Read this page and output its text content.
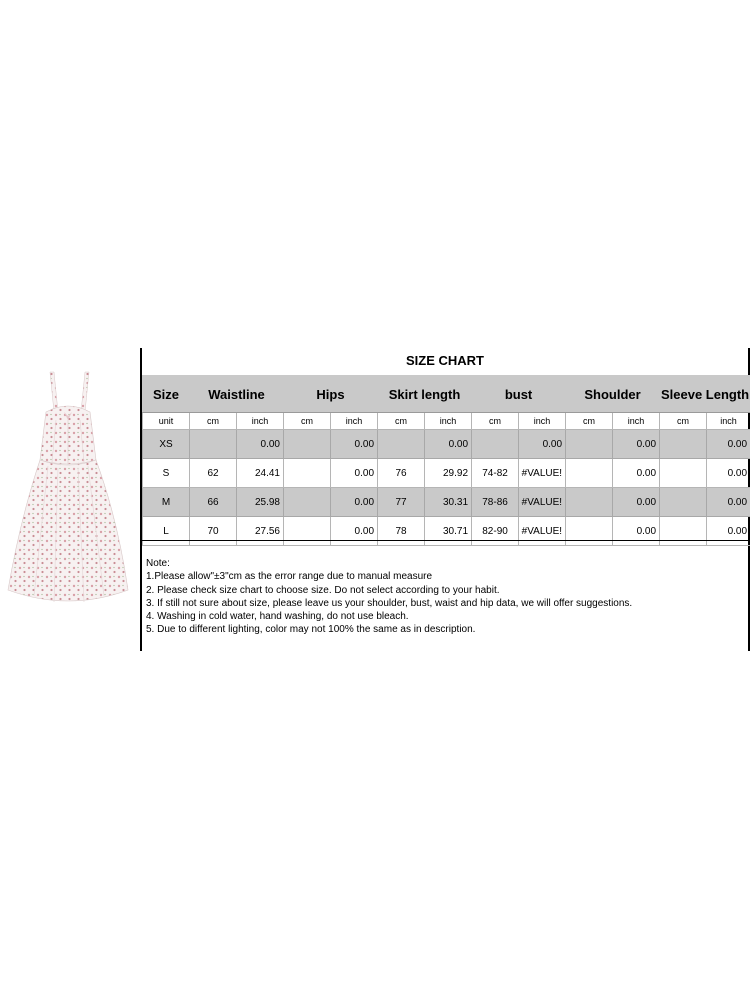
SIZE CHART
Size	Waistline		Hips		Skirt length		bust		Shoulder		Sleeve Length	
unit	cm	inch	cm	inch	cm	inch	cm	inch	cm	inch	cm	inch
XS		0.00		0.00		0.00		0.00		0.00		0.00
S	62	24.41		0.00	76	29.92	74-82	#VALUE!		0.00		0.00
M	66	25.98		0.00	77	30.31	78-86	#VALUE!		0.00		0.00
L	70	27.56		0.00	78	30.71	82-90	#VALUE!		0.00		0.00
Note:
1.Please allow"±3"cm as the error range due to manual measure
2. Please check size chart to choose size. Do not select according to your habit.
3. If still not sure about size, please leave us your shoulder, bust, waist and hip data, we will offer suggestions.
4. Washing in cold water, hand washing, do not use bleach.
5. Due to different lighting, color may not 100% the same as in description.
